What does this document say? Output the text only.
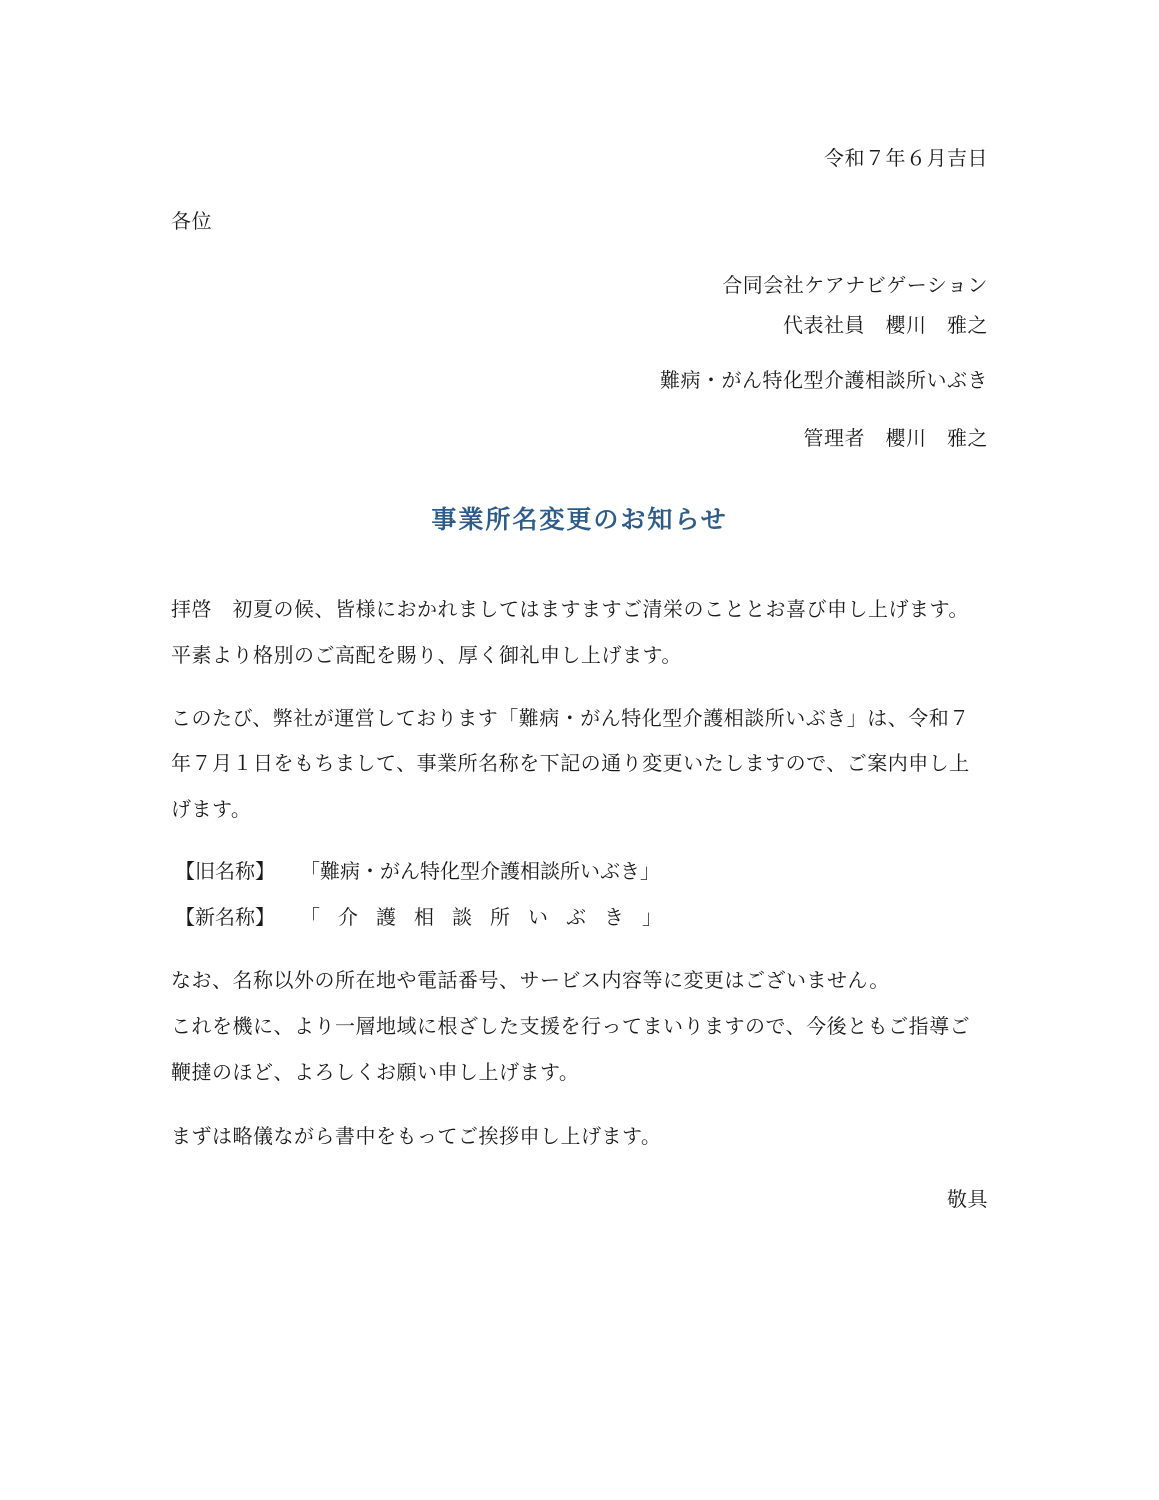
令和７年６月吉日
各位
合同会社ケアナビゲーション
代表社員　櫻川　雅之
難病・がん特化型介護相談所いぶき
管理者　櫻川　雅之
事業所名変更のお知らせ
拝啓　初夏の候、皆様におかれましてはますますご清栄のこととお喜び申し上げます。
平素より格別のご高配を賜り、厚く御礼申し上げます。
このたび、弊社が運営しております「難病・がん特化型介護相談所いぶき」は、令和７
年７月１日をもちまして、事業所名称を下記の通り変更いたしますので、ご案内申し上
げます。
【旧名称】 「難病・がん特化型介護相談所いぶき」
【新名称】 「介護相談所いぶき」
なお、名称以外の所在地や電話番号、サービス内容等に変更はございません。
これを機に、より一層地域に根ざした支援を行ってまいりますので、今後ともご指導ご
鞭撻のほど、よろしくお願い申し上げます。
まずは略儀ながら書中をもってご挨拶申し上げます。
敬具
